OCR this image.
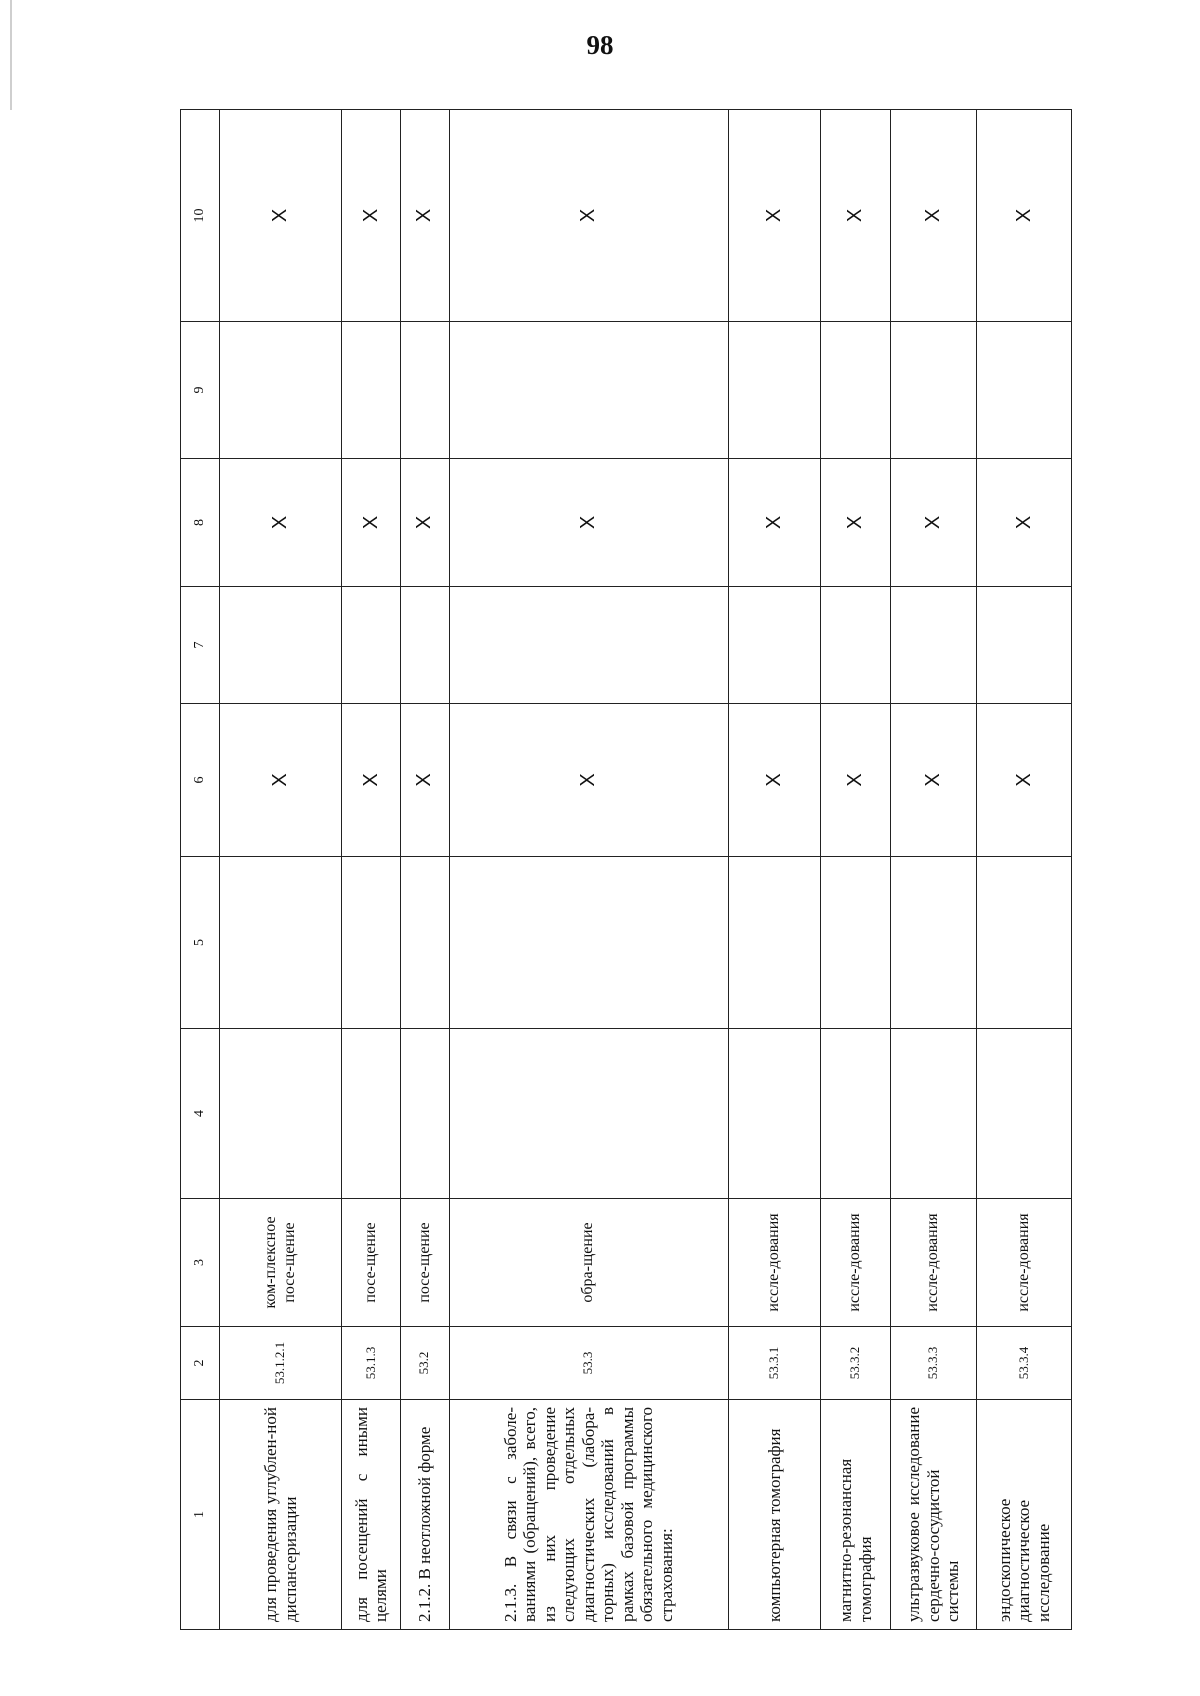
98
1	2	3	4	5	6	7	8	9	10
для проведения углублен-ной диспансеризации	53.1.2.1	ком-плексное посе-щение			X		X		X
для посещений с иными целями	53.1.3	посе-щение			X		X		X
2.1.2. В неотложной форме	53.2	посе-щение			X		X		X
2.1.3. В связи с заболе-ваниями (обращений), всего, из них проведение следующих отдельных диагностических (лабора-торных) исследований в рамках базовой программы обязательного медицинского страхования:	53.3	обра-щение			X		X		X
компьютерная томография	53.3.1	иссле-дования			X		X		X
магнитно-резонансная томография	53.3.2	иссле-дования			X		X		X
ультразвуковое исследование сердечно-сосудистой системы	53.3.3	иссле-дования			X		X		X
эндоскопическое диагностическое исследование	53.3.4	иссле-дования			X		X		X
